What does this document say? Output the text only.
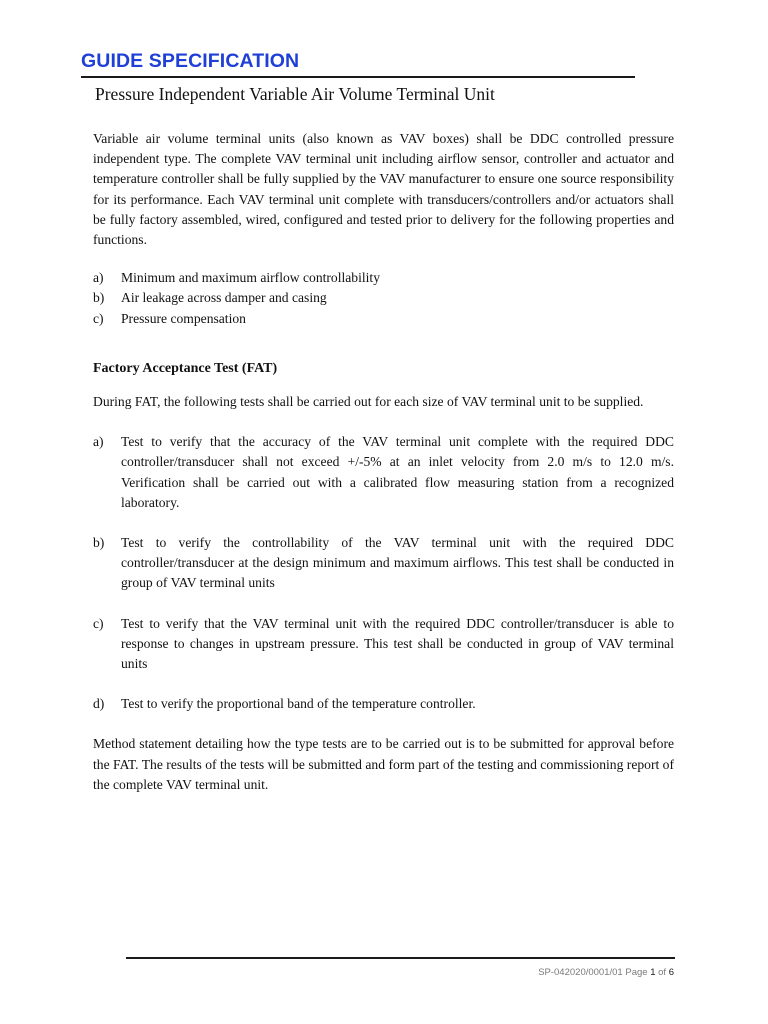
GUIDE SPECIFICATION
Pressure Independent Variable Air Volume Terminal Unit

Variable air volume terminal units (also known as VAV boxes) shall be DDC controlled pressure independent type. The complete VAV terminal unit including airflow sensor, controller and actuator and temperature controller shall be fully supplied by the VAV manufacturer to ensure one source responsibility for its performance. Each VAV terminal unit complete with transducers/controllers and/or actuators shall be fully factory assembled, wired, configured and tested prior to delivery for the following properties and functions.

a)	Minimum and maximum airflow controllability
b)	Air leakage across damper and casing
c)	Pressure compensation
Factory Acceptance Test (FAT)

During FAT, the following tests shall be carried out for each size of VAV terminal unit to be supplied.

a)	Test to verify that the accuracy of the VAV terminal unit complete with the required DDC controller/transducer shall not exceed +/-5% at an inlet velocity from 2.0 m/s to 12.0 m/s. Verification shall be carried out with a calibrated flow measuring station from a recognized laboratory.
b)	Test to verify the controllability of the VAV terminal unit with the required DDC controller/transducer at the design minimum and maximum airflows. This test shall be conducted in group of VAV terminal units
c)	Test to verify that the VAV terminal unit with the required DDC controller/transducer is able to response to changes in upstream pressure. This test shall be conducted in group of VAV terminal units
d)	Test to verify the proportional band of the temperature controller.

Method statement detailing how the type tests are to be carried out is to be submitted for approval before the FAT. The results of the tests will be submitted and form part of the testing and commissioning report of the complete VAV terminal unit.

SP-042020/0001/01 Page 1 of 6
